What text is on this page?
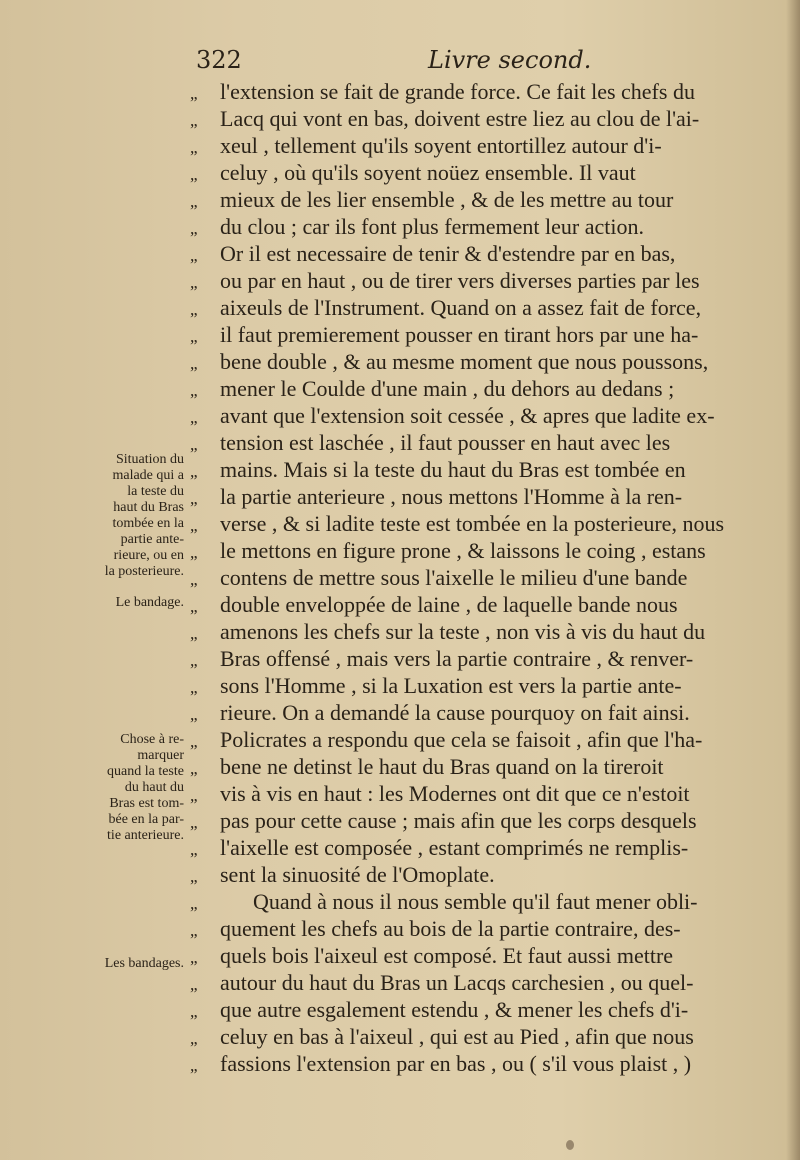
322	Livre second.
Situation du
malade qui a
la teste du
haut du Bras
tombée en la
partie ante-
rieure, ou en
la posterieure.
Le bandage.
Chose à re-
marquer
quand la teste
du haut du
Bras est tom-
bée en la par-
tie anterieure.
Les bandages.
„ l'extension se fait de grande force. Ce fait les chefs du
„ Lacq qui vont en bas, doivent estre liez au clou de l'ai-
„ xeul , tellement qu'ils soyent entortillez autour d'i-
„ celuy , où qu'ils soyent noüez ensemble. Il vaut
„ mieux de les lier ensemble , & de les mettre au tour
„ du clou ; car ils font plus fermement leur action.
„ Or il est necessaire de tenir & d'estendre par en bas,
„ ou par en haut , ou de tirer vers diverses parties par les
„ aixeuls de l'Instrument. Quand on a assez fait de force,
„ il faut premierement pousser en tirant hors par une ha-
„ bene double , & au mesme moment que nous poussons,
„ mener le Coulde d'une main , du dehors au dedans ;
„ avant que l'extension soit cessée , & apres que ladite ex-
„ tension est laschée , il faut pousser en haut avec les
„ mains. Mais si la teste du haut du Bras est tombée en
„ la partie anterieure , nous mettons l'Homme à la ren-
„ verse , & si ladite teste est tombée en la posterieure, nous
„ le mettons en figure prone , & laissons le coing , estans
„ contens de mettre sous l'aixelle le milieu d'une bande
„ double enveloppée de laine , de laquelle bande nous
„ amenons les chefs sur la teste , non vis à vis du haut du
„ Bras offensé , mais vers la partie contraire , & renver-
„ sons l'Homme , si la Luxation est vers la partie ante-
„ rieure. On a demandé la cause pourquoy on fait ainsi.
„ Policrates a respondu que cela se faisoit , afin que l'ha-
„ bene ne detinst le haut du Bras quand on la tireroit
„ vis à vis en haut : les Modernes ont dit que ce n'estoit
„ pas pour cette cause ; mais afin que les corps desquels
„ l'aixelle est composée , estant comprimés ne remplis-
„ sent la sinuosité de l'Omoplate.
„      Quand à nous il nous semble qu'il faut mener obli-
„ quement les chefs au bois de la partie contraire, des-
„ quels bois l'aixeul est composé. Et faut aussi mettre
„ autour du haut du Bras un Lacqs carchesien , ou quel-
„ que autre esgalement estendu , & mener les chefs d'i-
„ celuy en bas à l'aixeul , qui est au Pied , afin que nous
„ fassions l'extension par en bas , ou ( s'il vous plaist , )
